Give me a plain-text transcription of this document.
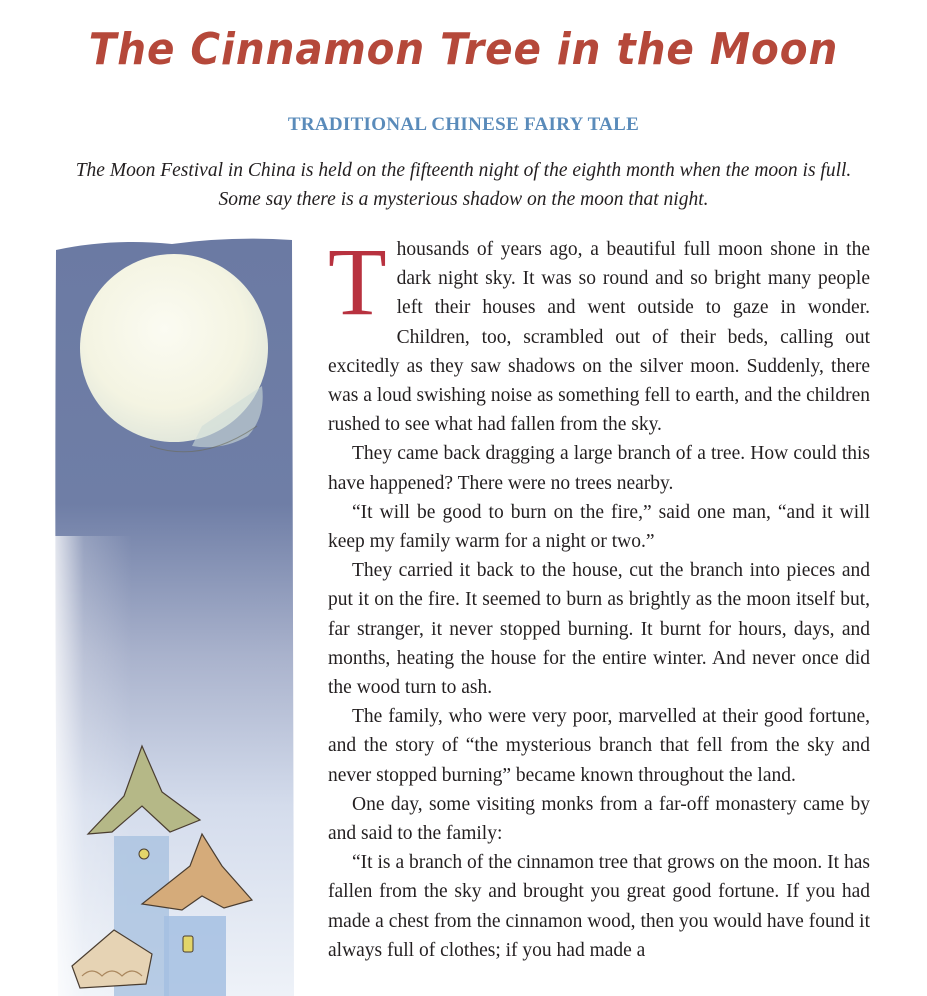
The Cinnamon Tree in the Moon
TRADITIONAL CHINESE FAIRY TALE
The Moon Festival in China is held on the fifteenth night of the eighth month when the moon is full. Some say there is a mysterious shadow on the moon that night.

Thousands of years ago, a beautiful full moon shone in the dark night sky. It was so round and so bright many people left their houses and went outside to gaze in wonder. Children, too, scrambled out of their beds, calling out excitedly as they saw shadows on the silver moon. Suddenly, there was a loud swishing noise as something fell to earth, and the children rushed to see what had fallen from the sky.

They came back dragging a large branch of a tree. How could this have happened? There were no trees nearby.

“It will be good to burn on the fire,” said one man, “and it will keep my family warm for a night or two.”

They carried it back to the house, cut the branch into pieces and put it on the fire. It seemed to burn as brightly as the moon itself but, far stranger, it never stopped burning. It burnt for hours, days, and months, heating the house for the entire winter. And never once did the wood turn to ash.

The family, who were very poor, marvelled at their good fortune, and the story of “the mysterious branch that fell from the sky and never stopped burning” became known throughout the land.

One day, some visiting monks from a far-off monastery came by and said to the family:

“It is a branch of the cinnamon tree that grows on the moon. It has fallen from the sky and brought you great good fortune. If you had made a chest from the cinnamon wood, then you would have found it always full of clothes; if you had made a
